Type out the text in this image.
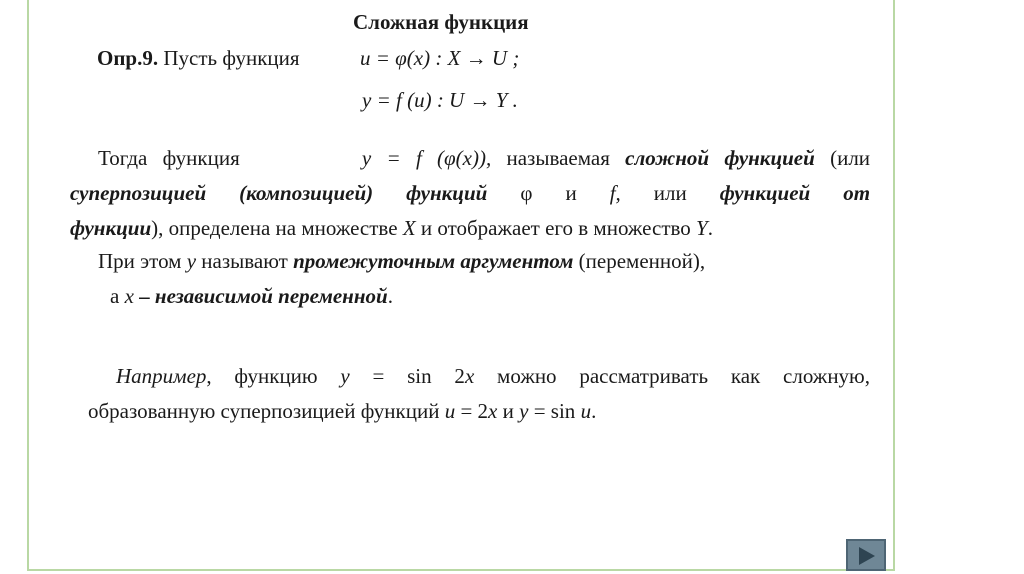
Сложная функция
Опр.9. Пусть функция	u = φ(x) : X → U ;
y = f (u) : U → Y .
Тогда функция	y = f (φ(x)), называемая сложной функцией (или
суперпозицией (композицией) функций φ и f, или функцией от
функции), определена на множестве X и отображает его в множество Y.
При этом y называют промежуточным аргументом (переменной),
а x – независимой переменной.
Например, функцию y = sin 2x можно рассматривать как сложную,
образованную суперпозицией функций u = 2x и y = sin u.
